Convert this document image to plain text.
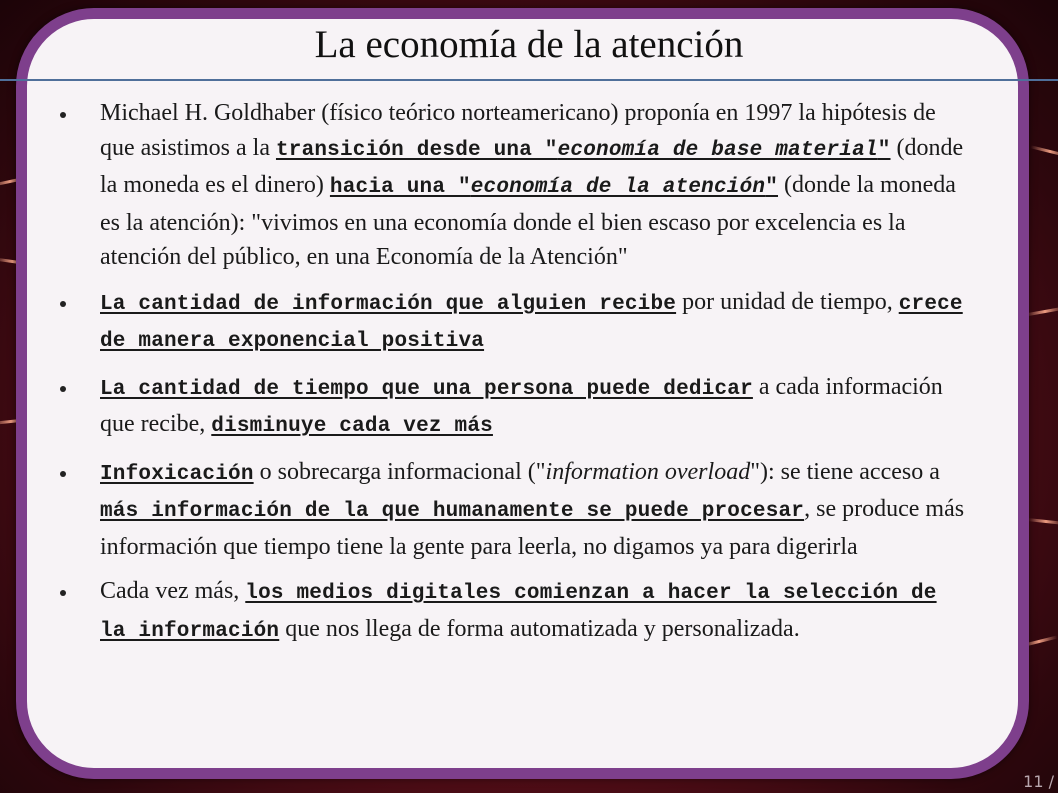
La economía de la atención
Michael H. Goldhaber (físico teórico norteamericano) proponía en 1997 la hipótesis de que asistimos a la transición desde una "economía de base material" (donde la moneda es el dinero) hacia una "economía de la atención" (donde la moneda es la atención): "vivimos en una economía donde el bien escaso por excelencia es la atención del público, en una Economía de la Atención"
La cantidad de información que alguien recibe por unidad de tiempo, crece de manera exponencial positiva
La cantidad de tiempo que una persona puede dedicar a cada información que recibe, disminuye cada vez más
Infoxicación o sobrecarga informacional ("information overload"): se tiene acceso a más información de la que humanamente se puede procesar, se produce más información que tiempo tiene la gente para leerla, no digamos ya para digerirla
Cada vez más, los medios digitales comienzan a hacer la selección de la información que nos llega de forma automatizada y personalizada.
11 /
